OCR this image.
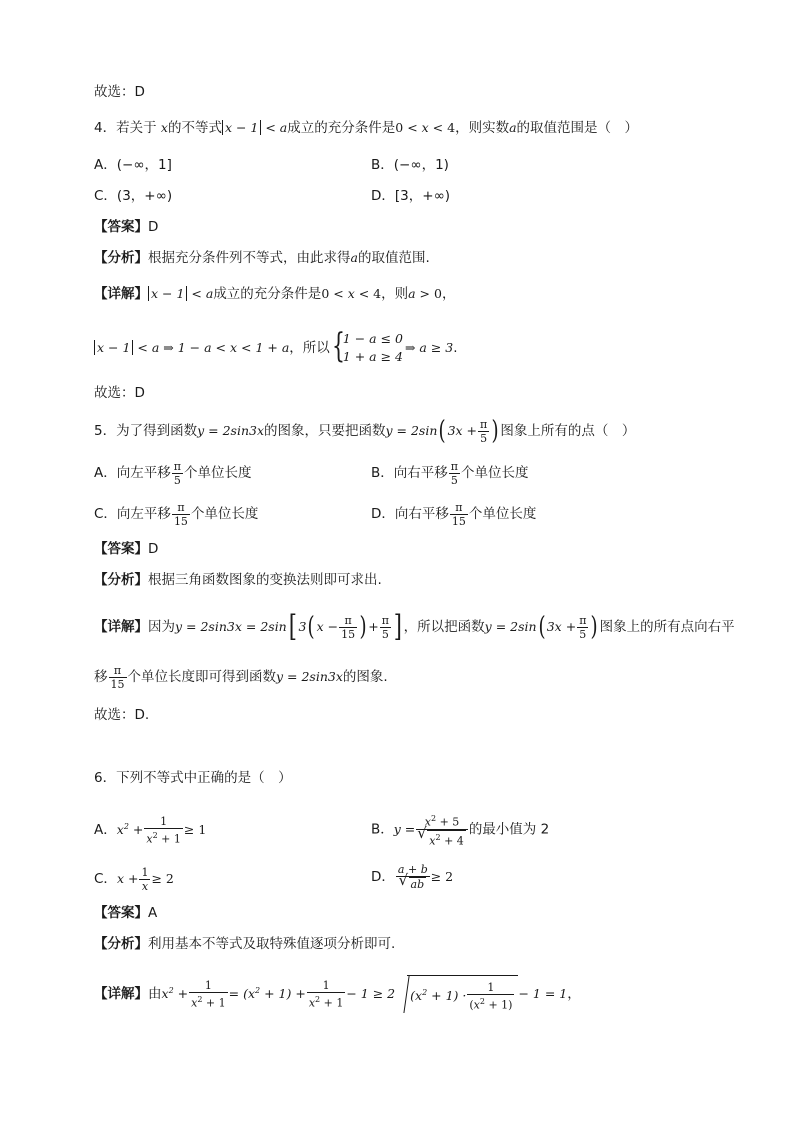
故选：D
4．若关于 x的不等式 x − 1 < a成立的充分条件是0 < x < 4，则实数a的取值范围是（　）
A．(−∞，1]	B．(−∞，1)
C．(3，+∞)	D．[3，+∞)
【答案】D
【分析】根据充分条件列不等式，由此求得a的取值范围.
【详解】 x − 1 < a成立的充分条件是0 < x < 4，则a > 0，
x − 1 < a ⇒ 1 − a < x < 1 + a，所以 {
1 − a ≤ 0
1 + a ≥ 4⇒ a ≥ 3.
故选：D
5．为了得到函数y = 2sin3x的图象，只要把函数y = 2sin( $3x + \frac{\pi}{5}$ ) 图象上所有的点（　）
A．向左平移 $\frac{\pi}{5}$ 个单位长度	B．向右平移 $\frac{\pi}{5}$ 个单位长度
C．向左平移 $\frac{\pi}{15}$ 个单位长度	D．向右平移 $\frac{\pi}{15}$ 个单位长度
【答案】D
【分析】根据三角函数图象的变换法则即可求出.
【详解】因为y = 2sin3x = 2sin[ 3( $x - \frac{\pi}{15}$ ) + $\frac{\pi}{5}$ ] ，所以把函数y = 2sin( $3x + \frac{\pi}{5}$ ) 图象上的所有点向右平
移 $\frac{\pi}{15}$ 个单位长度即可得到函数y = 2sin3x的图象.
故选：D.
6．下列不等式中正确的是（　）
A．$x^2 + \frac{1}{x^2 + 1} \ge 1$	B．$y = x^2 + 5$
√ $x^2 + 4$ 的最小值为 2
C．$x + \frac{1}{x} \ge 2$	D． a + b
√ ab ≥ 2
【答案】A
【分析】利用基本不等式及取特殊值逐项分析即可.
【详解】由$x^2 + \frac{1}{x^2 + 1} = (x^2 + 1) + \frac{1}{x^2 + 1} - 1 \ge 2$ $(x^2 + 1) \cdot \frac{1}{(x^2 + 1)} - 1 = 1$，
